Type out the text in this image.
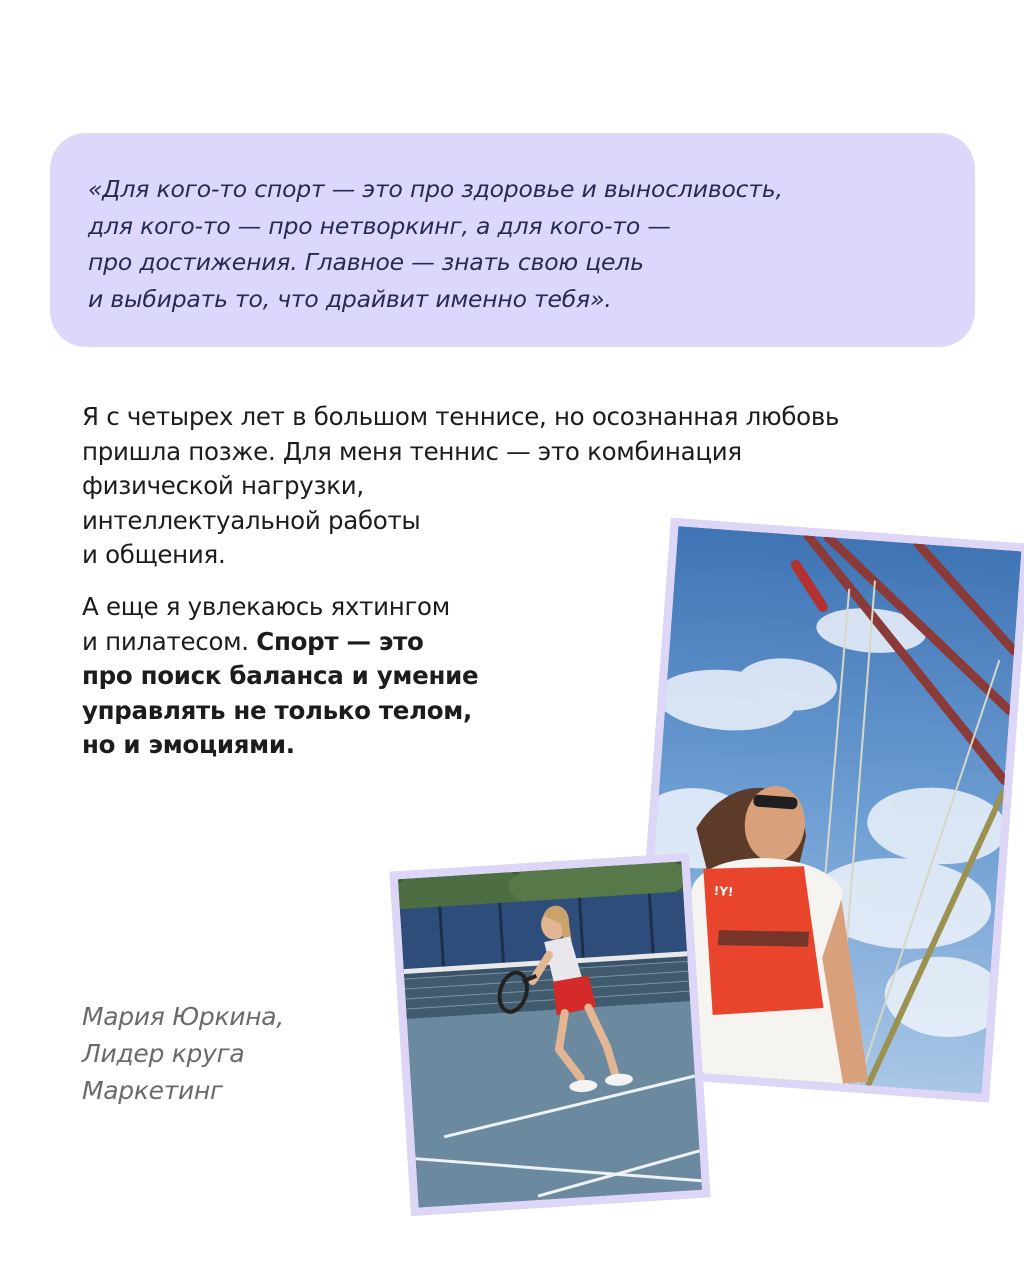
«Для кого-то спорт — это про здоровье и выносливость,
для кого-то — про нетворкинг, а для кого-то —
про достижения. Главное — знать свою цель
и выбирать то, что драйвит именно тебя».

Я с четырех лет в большом теннисе, но осознанная любовь
пришла позже. Для меня теннис — это комбинация
физической нагрузки,
интеллектуальной работы
и общения.

А еще я увлекаюсь яхтингом
и пилатесом. Спорт — это
про поиск баланса и умение
управлять не только телом,
но и эмоциями.

Мария Юркина,
Лидер круга
Маркетинг

!Y!
